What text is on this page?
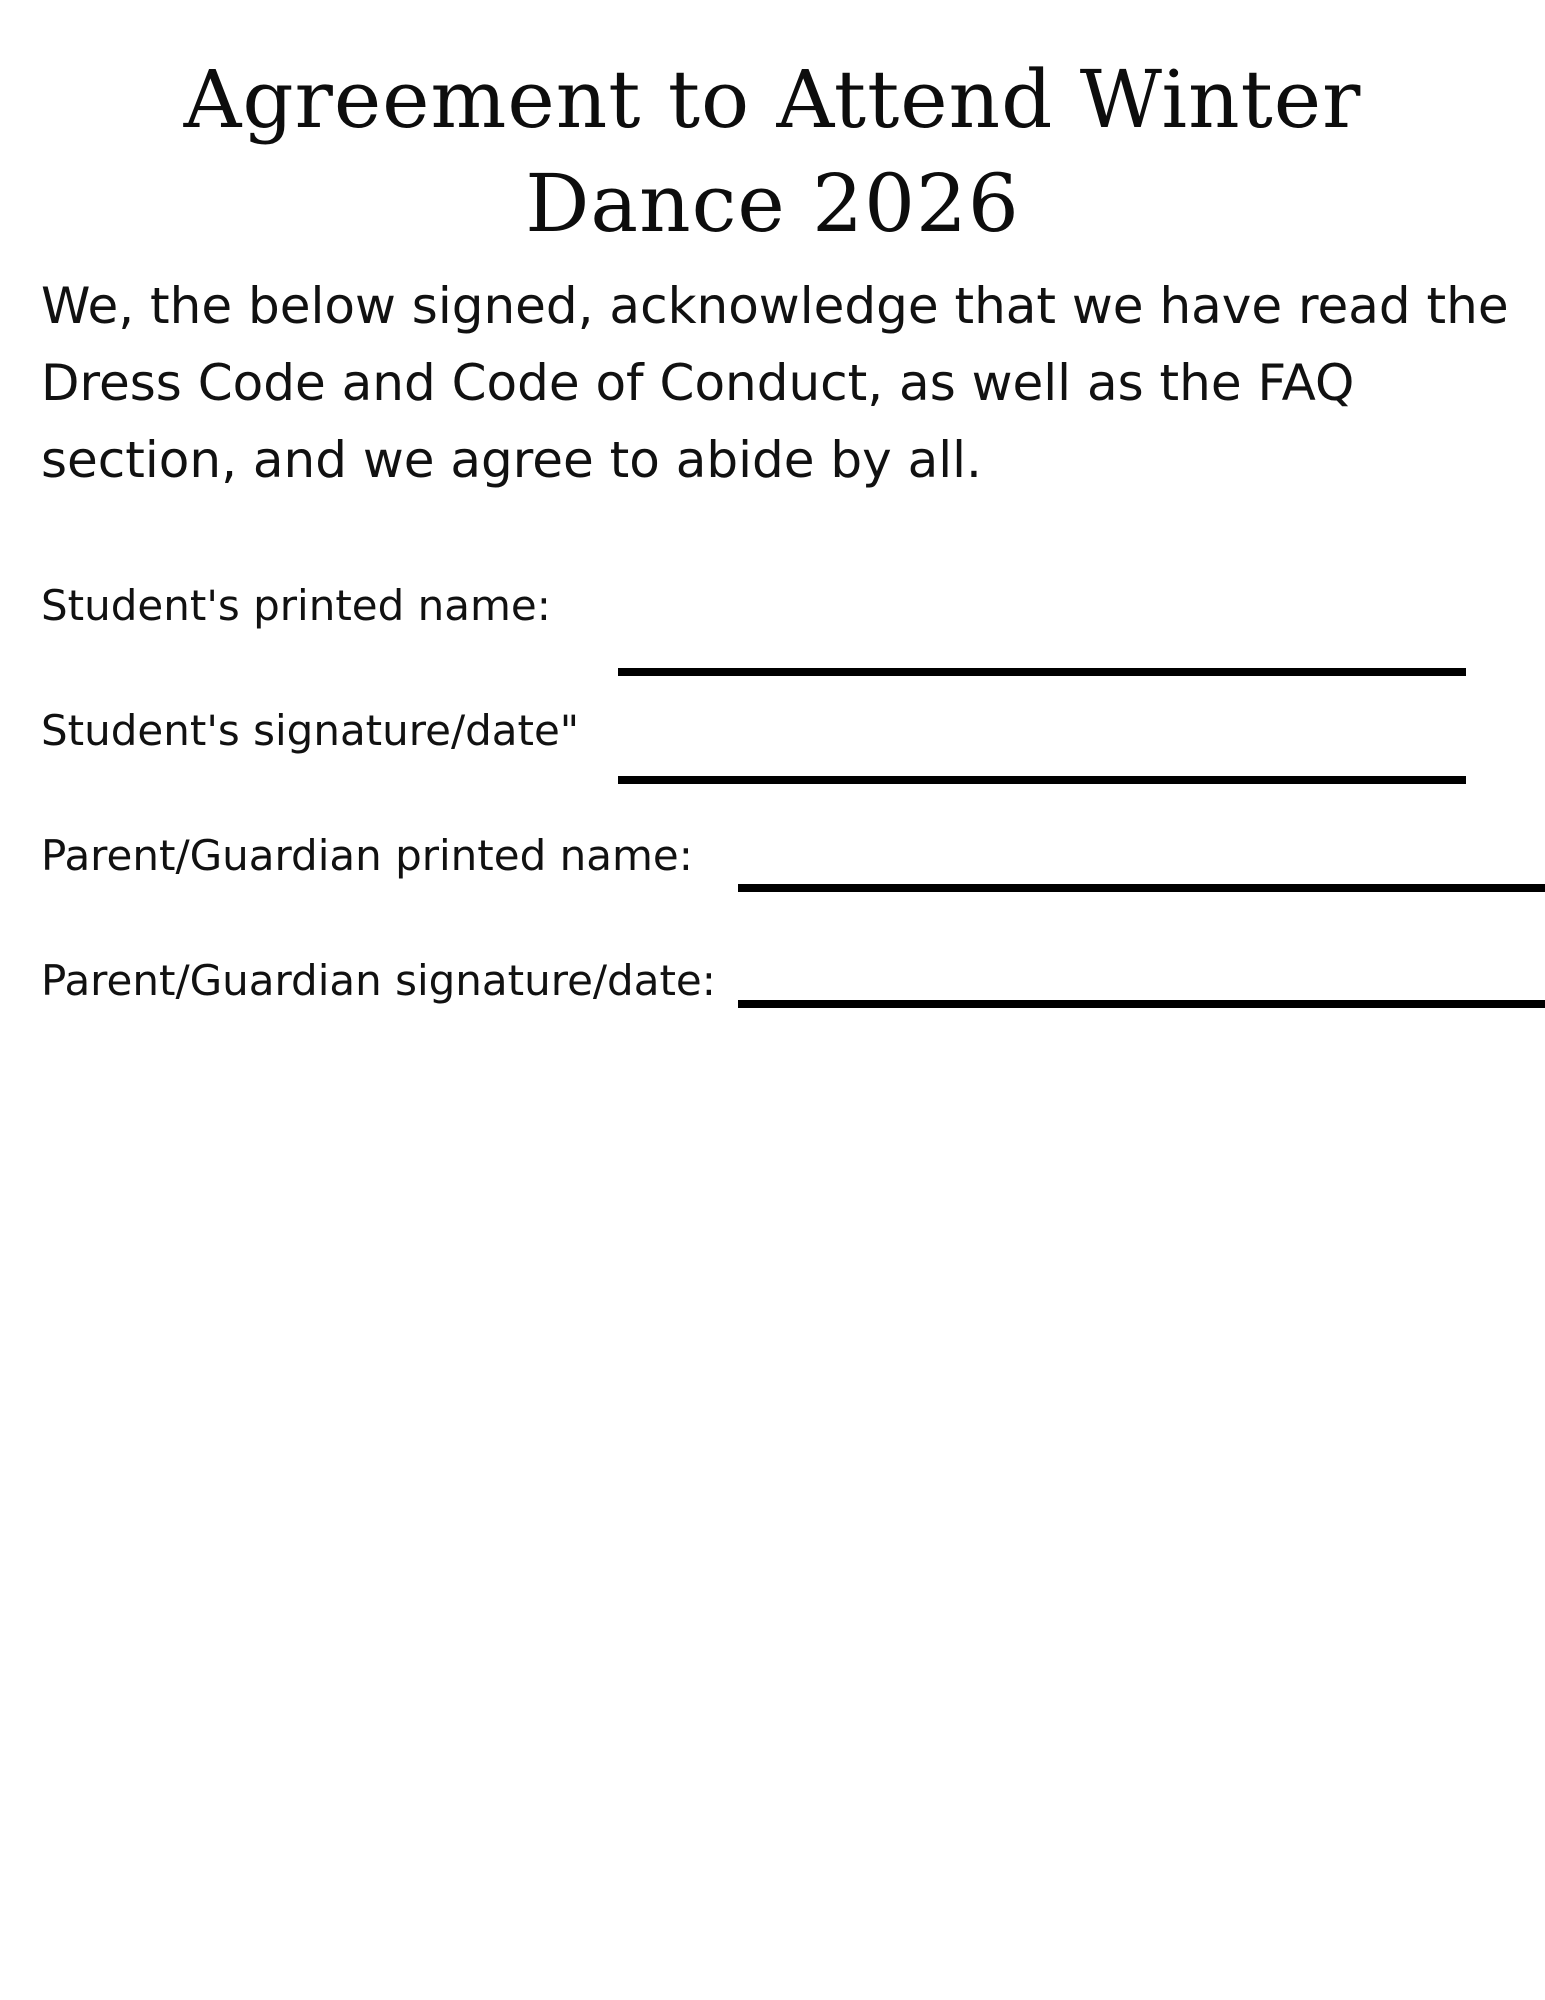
Agreement to Attend Winter Dance 2026

We, the below signed, acknowledge that we have read the Dress Code and Code of Conduct, as well as the FAQ section, and we agree to abide by all.

Student's printed name:

Student's signature/date"

Parent/Guardian printed name:

Parent/Guardian signature/date:
